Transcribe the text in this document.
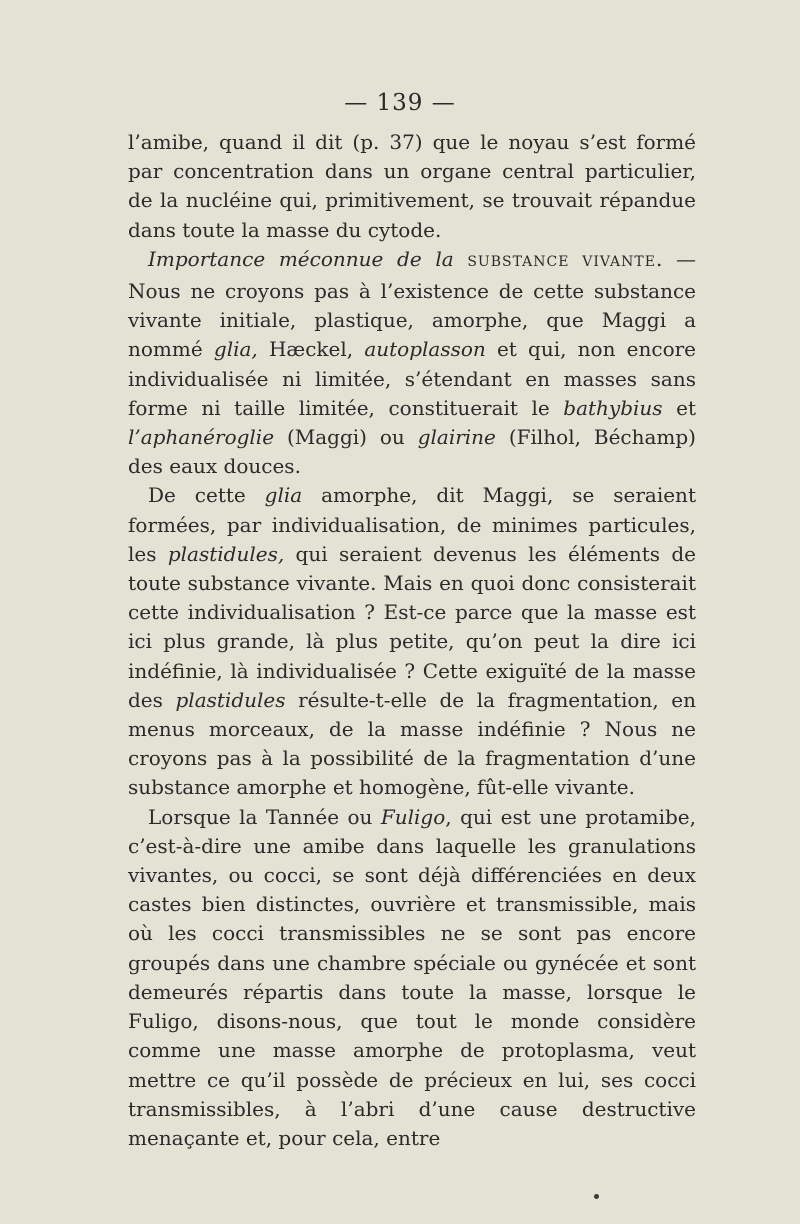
— 139 —

l’amibe, quand il dit (p. 37) que le noyau s’est formé par concentration dans un organe central particulier, de la nucléine qui, primitivement, se trouvait répandue dans toute la masse du cytode.

Importance méconnue de la SUBSTANCE VIVANTE. — Nous ne croyons pas à l’existence de cette substance vivante initiale, plastique, amorphe, que Maggi a nommé glia, Hæckel, autoplasson et qui, non encore individualisée ni limitée, s’étendant en masses sans forme ni taille limitée, constituerait le bathybius et l’aphanéroglie (Maggi) ou glairine (Filhol, Béchamp) des eaux douces.

De cette glia amorphe, dit Maggi, se seraient formées, par individualisation, de minimes particules, les plastidules, qui seraient devenus les éléments de toute substance vivante. Mais en quoi donc consisterait cette individualisation ? Est-ce parce que la masse est ici plus grande, là plus petite, qu’on peut la dire ici indéfinie, là individualisée ? Cette exiguïté de la masse des plastidules résulte-t-elle de la fragmentation, en menus morceaux, de la masse indéfinie ? Nous ne croyons pas à la possibilité de la fragmentation d’une substance amorphe et homogène, fût-elle vivante.

Lorsque la Tannée ou Fuligo, qui est une protamibe, c’est-à-dire une amibe dans laquelle les granulations vivantes, ou cocci, se sont déjà différenciées en deux castes bien distinctes, ouvrière et transmissible, mais où les cocci transmissibles ne se sont pas encore groupés dans une chambre spéciale ou gynécée et sont demeurés répartis dans toute la masse, lorsque le Fuligo, disons-nous, que tout le monde considère comme une masse amorphe de protoplasma, veut mettre ce qu’il possède de précieux en lui, ses cocci transmissibles, à l’abri d’une cause destructive menaçante et, pour cela, entre
